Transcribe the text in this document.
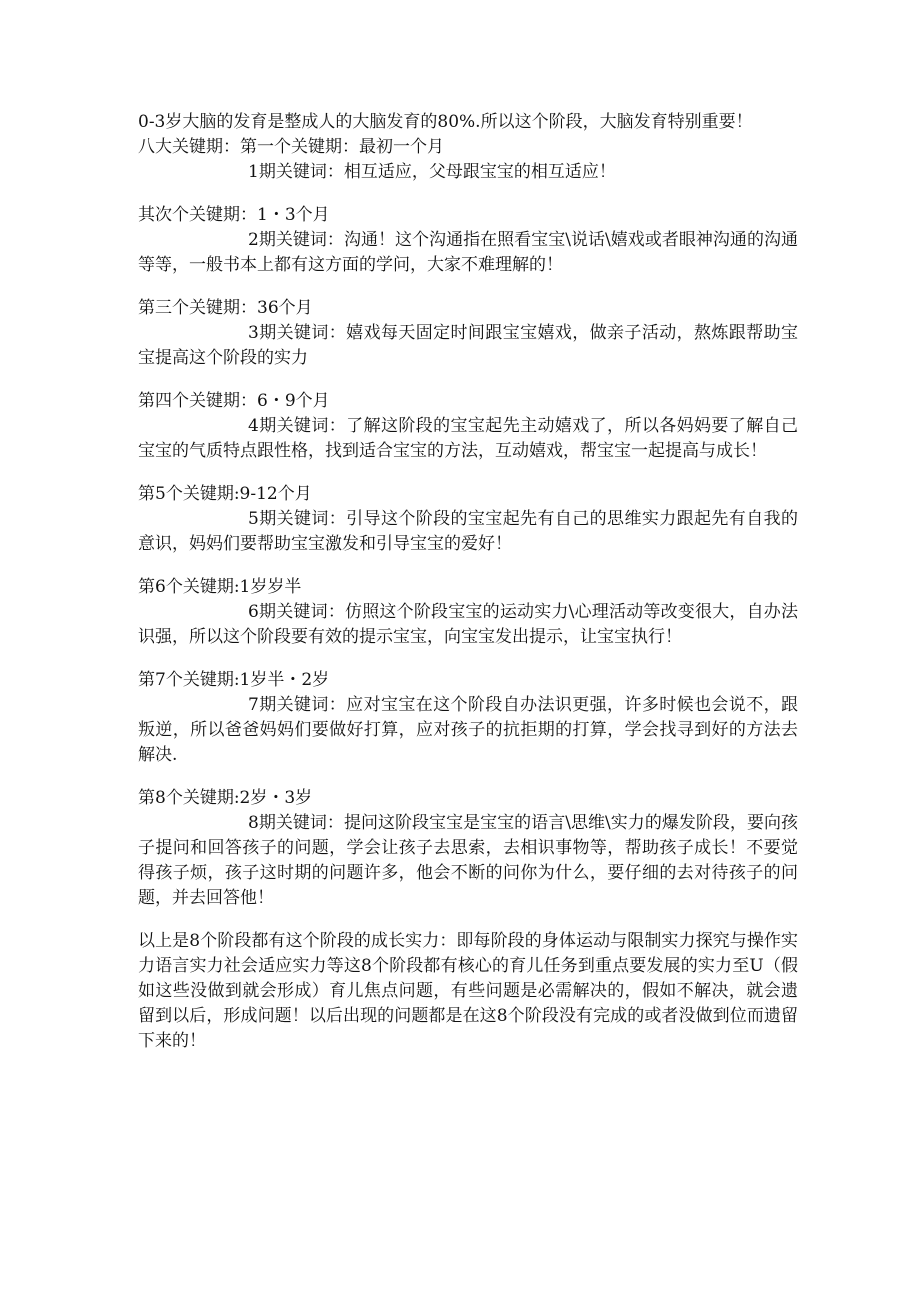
0-3岁大脑的发育是整成人的大脑发育的80%.所以这个阶段，大脑发育特别重要！
八大关键期：第一个关键期：最初一个月
1期关键词：相互适应，父母跟宝宝的相互适应！
其次个关键期：1・3个月
2期关键词：沟通！这个沟通指在照看宝宝\说话\嬉戏或者眼神沟通的沟通等等，一般书本上都有这方面的学问，大家不难理解的！
第三个关键期：36个月
3期关键词：嬉戏每天固定时间跟宝宝嬉戏，做亲子活动，熬炼跟帮助宝宝提高这个阶段的实力
第四个关键期：6・9个月
4期关键词：了解这阶段的宝宝起先主动嬉戏了，所以各妈妈要了解自己宝宝的气质特点跟性格，找到适合宝宝的方法，互动嬉戏，帮宝宝一起提高与成长！
第5个关键期:9-12个月
5期关键词：引导这个阶段的宝宝起先有自己的思维实力跟起先有自我的意识，妈妈们要帮助宝宝激发和引导宝宝的爱好！
第6个关键期:1岁岁半
6期关键词：仿照这个阶段宝宝的运动实力\心理活动等改变很大，自办法识强，所以这个阶段要有效的提示宝宝，向宝宝发出提示，让宝宝执行！
第7个关键期:1岁半・2岁
7期关键词：应对宝宝在这个阶段自办法识更强，许多时候也会说不，跟叛逆，所以爸爸妈妈们要做好打算，应对孩子的抗拒期的打算，学会找寻到好的方法去解决.
第8个关键期:2岁・3岁
8期关键词：提问这阶段宝宝是宝宝的语言\思维\实力的爆发阶段，要向孩子提问和回答孩子的问题，学会让孩子去思索，去相识事物等，帮助孩子成长！不要觉得孩子烦，孩子这时期的问题许多，他会不断的问你为什么，要仔细的去对待孩子的问题，并去回答他！
以上是8个阶段都有这个阶段的成长实力：即每阶段的身体运动与限制实力探究与操作实力语言实力社会适应实力等这8个阶段都有核心的育儿任务到重点要发展的实力至U（假如这些没做到就会形成）育儿焦点问题，有些问题是必需解决的，假如不解决，就会遗留到以后，形成问题！以后出现的问题都是在这8个阶段没有完成的或者没做到位而遗留下来的！
